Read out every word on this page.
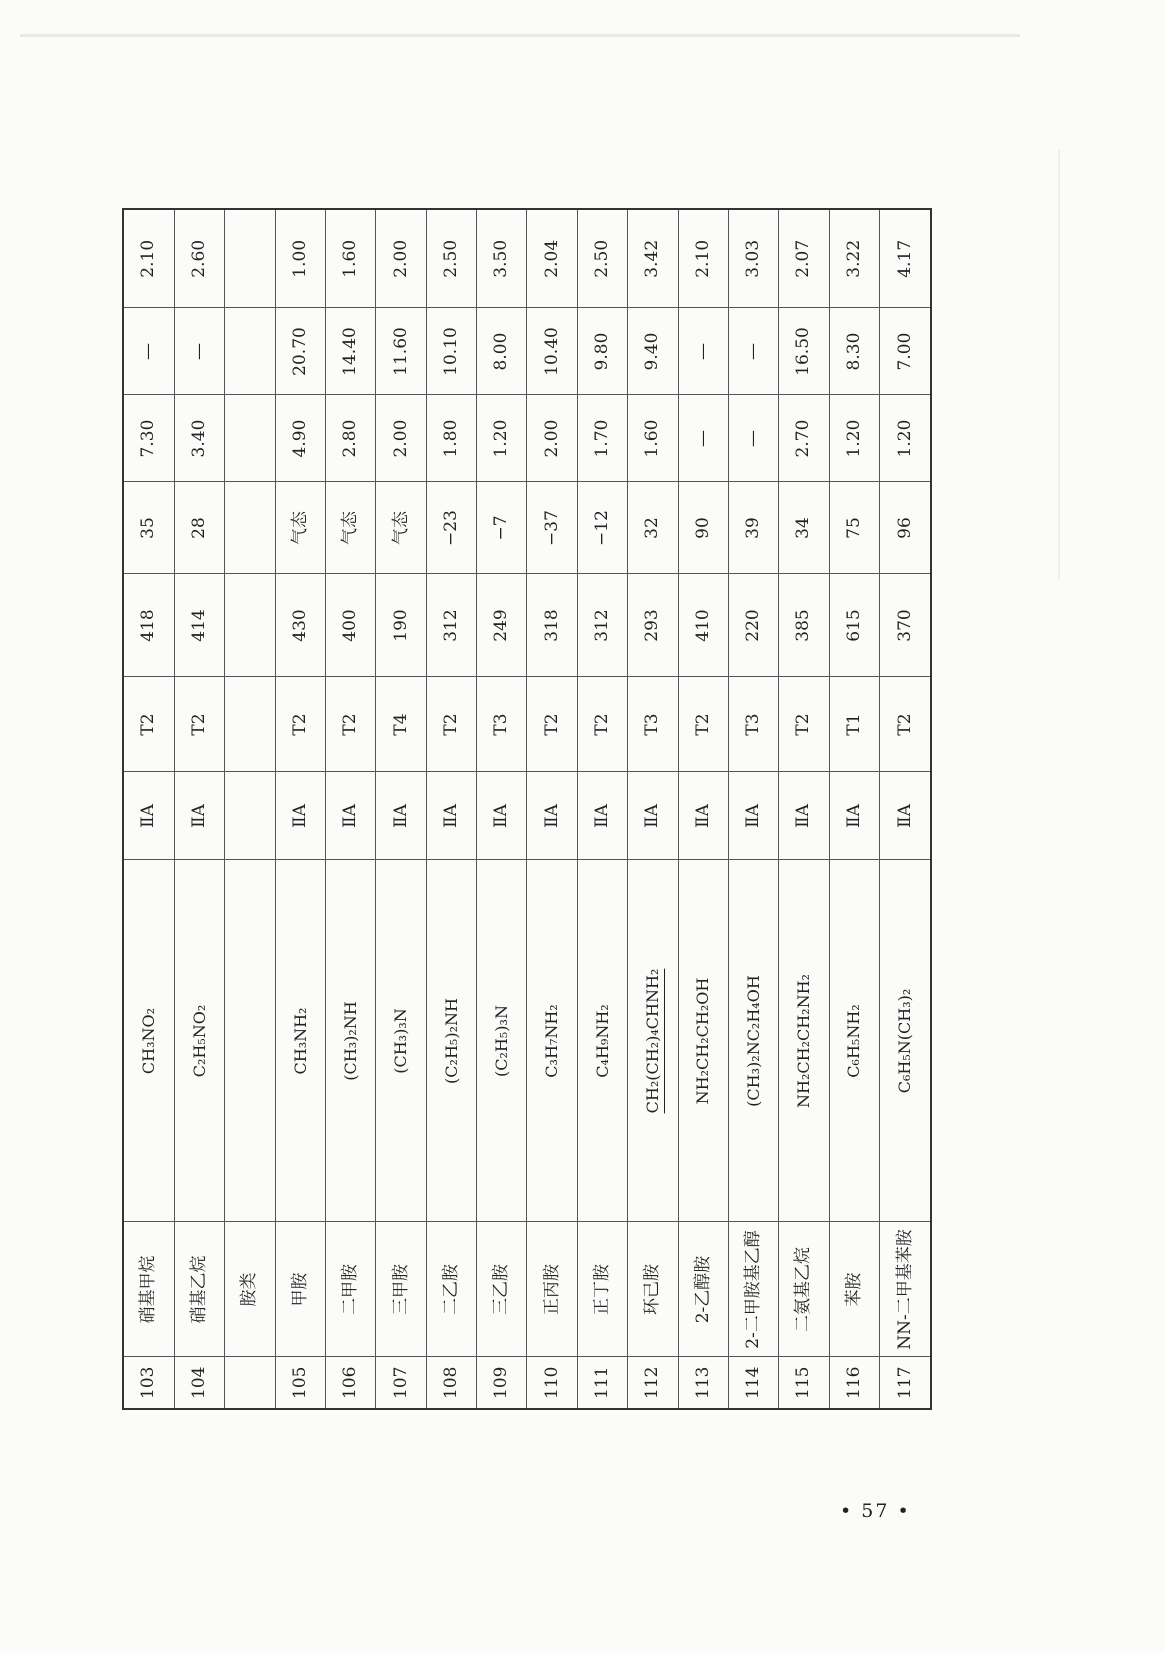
103	硝基甲烷	CH₃NO₂	ⅡA	T2	418	35	7.30	—	2.10
104	硝基乙烷	C₂H₅NO₂	ⅡA	T2	414	28	3.40	—	2.60
	胺类								
105	甲胺	CH₃NH₂	ⅡA	T2	430	气态	4.90	20.70	1.00
106	二甲胺	(CH₃)₂NH	ⅡA	T2	400	气态	2.80	14.40	1.60
107	三甲胺	(CH₃)₃N	ⅡA	T4	190	气态	2.00	11.60	2.00
108	二乙胺	(C₂H₅)₂NH	ⅡA	T2	312	−23	1.80	10.10	2.50
109	三乙胺	(C₂H₅)₃N	ⅡA	T3	249	−7	1.20	8.00	3.50
110	正丙胺	C₃H₇NH₂	ⅡA	T2	318	−37	2.00	10.40	2.04
111	正丁胺	C₄H₉NH₂	ⅡA	T2	312	−12	1.70	9.80	2.50
112	环己胺	CH₂(CH₂)₄CHNH₂	ⅡA	T3	293	32	1.60	9.40	3.42
113	2-乙醇胺	NH₂CH₂CH₂OH	ⅡA	T2	410	90	—	—	2.10
114	2-二甲胺基乙醇	(CH₃)₂NC₂H₄OH	ⅡA	T3	220	39	—	—	3.03
115	二氨基乙烷	NH₂CH₂CH₂NH₂	ⅡA	T2	385	34	2.70	16.50	2.07
116	苯胺	C₆H₅NH₂	ⅡA	T1	615	75	1.20	8.30	3.22
117	NN-二甲基苯胺	C₆H₅N(CH₃)₂	ⅡA	T2	370	96	1.20	7.00	4.17
• 57 •
